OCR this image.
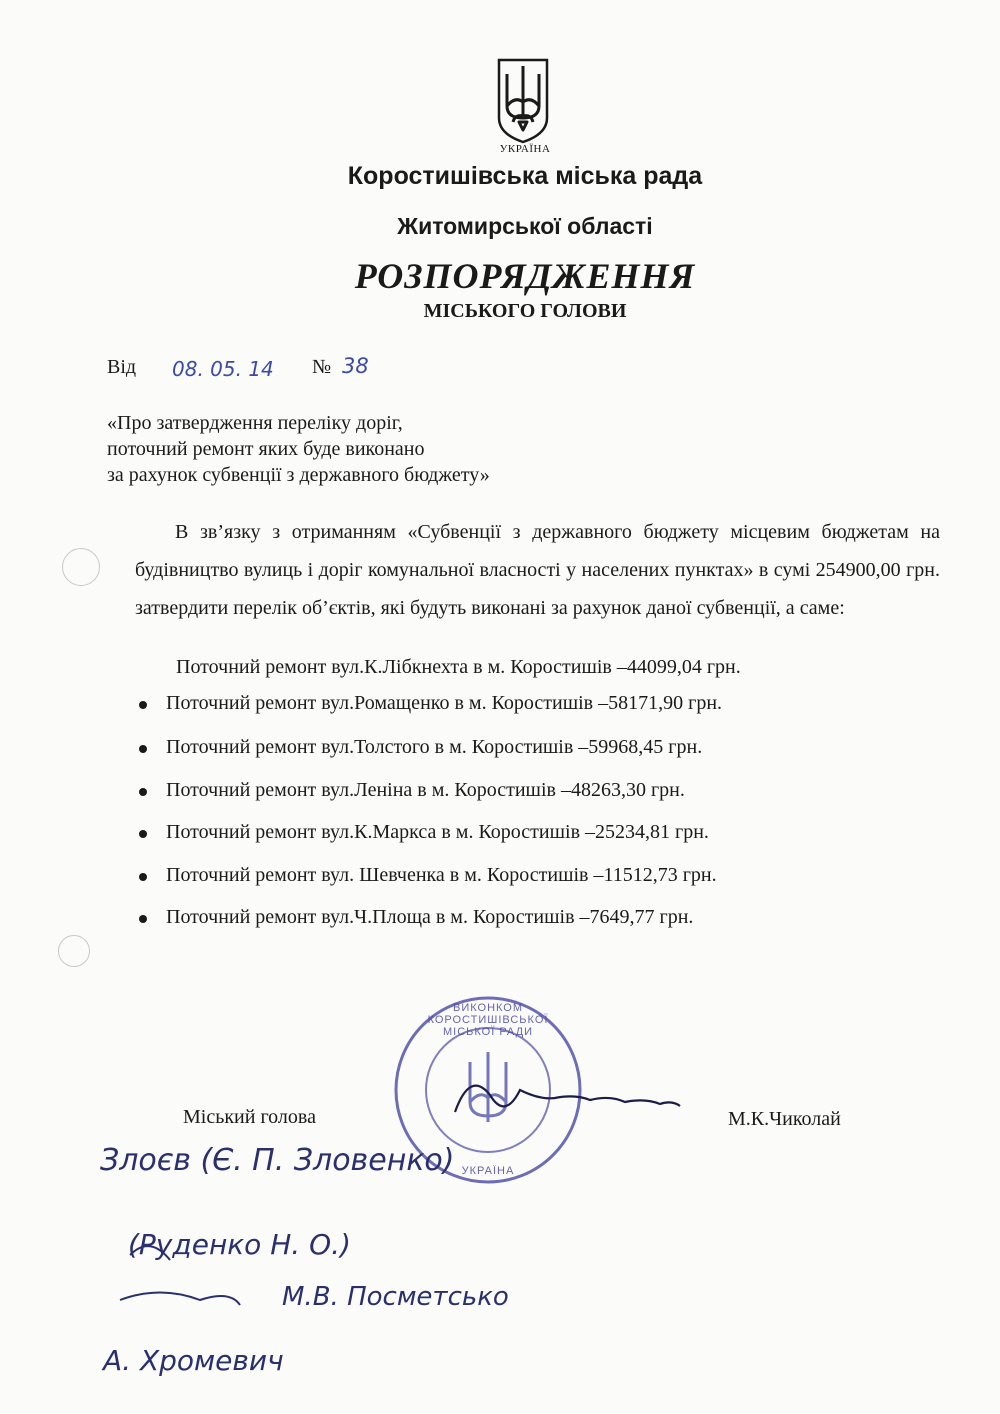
УКРАЇНА
Коростишівська міська рада
Житомирської області
РОЗПОРЯДЖЕННЯ
МІСЬКОГО ГОЛОВИ
Від 08. 05. 14 № 38
«Про затвердження переліку доріг,
поточний ремонт яких буде виконано
за рахунок субвенції з державного бюджету»
В зв’язку з отриманням «Субвенції з державного бюджету місцевим бюджетам на будівництво вулиць і доріг комунальної власності у населених пунктах» в сумі 254900,00 грн. затвердити перелік об’єктів, які будуть виконані за рахунок даної субвенції, а саме:
Поточний ремонт вул.К.Лібкнехта в м. Коростишів –44099,04 грн.
Поточний ремонт вул.Ромащенко в м. Коростишів –58171,90 грн.
Поточний ремонт вул.Толстого в м. Коростишів –59968,45 грн.
Поточний ремонт вул.Леніна в м. Коростишів –48263,30 грн.
Поточний ремонт вул.К.Маркса в м. Коростишів –25234,81 грн.
Поточний ремонт вул. Шевченка в м. Коростишів –11512,73 грн.
Поточний ремонт вул.Ч.Площа в м. Коростишів –7649,77 грн.
ВИКОНКОМ КОРОСТИШІВСЬКОЇ МІСЬКОЇ РАДИ
УКРАЇНА
Міський голова	М.К.Чиколай
Злоєв (Є. П. Зловенко)
(Руденко Н. О.)
М.В. Посметсько
А. Хромевич
